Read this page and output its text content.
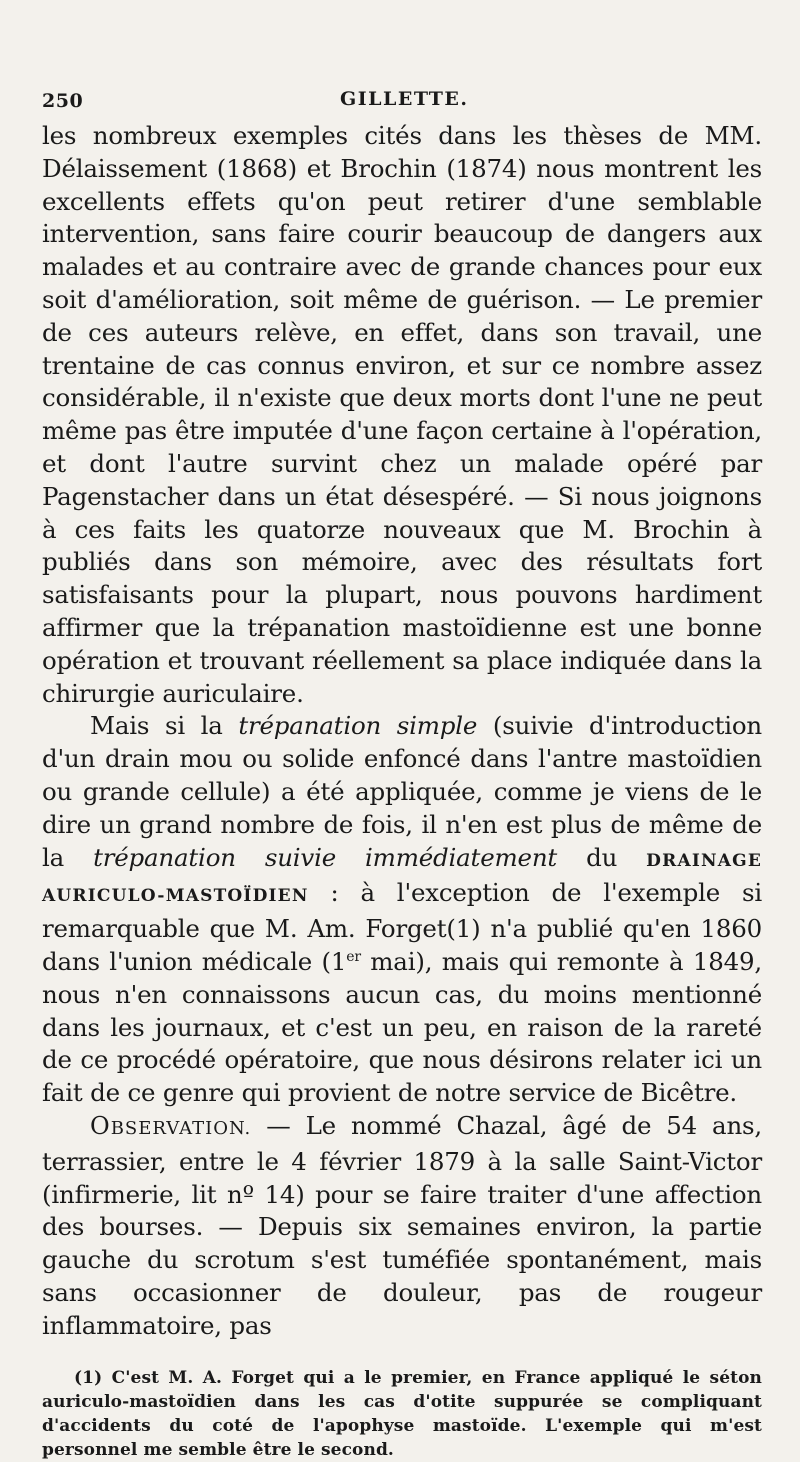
250	GILLETTE.

les nombreux exemples cités dans les thèses de MM. Délaissement (1868) et Brochin (1874) nous montrent les excellents effets qu'on peut retirer d'une semblable intervention, sans faire courir beaucoup de dangers aux malades et au contraire avec de grande chances pour eux soit d'amélioration, soit même de guérison. — Le premier de ces auteurs relève, en effet, dans son travail, une trentaine de cas connus environ, et sur ce nombre assez considérable, il n'existe que deux morts dont l'une ne peut même pas être imputée d'une façon certaine à l'opération, et dont l'autre survint chez un malade opéré par Pagenstacher dans un état désespéré. — Si nous joignons à ces faits les quatorze nouveaux que M. Brochin à publiés dans son mémoire, avec des résultats fort satisfaisants pour la plupart, nous pouvons hardiment affirmer que la trépanation mastoïdienne est une bonne opération et trouvant réellement sa place indiquée dans la chirurgie auriculaire.

Mais si la trépanation simple (suivie d'introduction d'un drain mou ou solide enfoncé dans l'antre mastoïdien ou grande cellule) a été appliquée, comme je viens de le dire un grand nombre de fois, il n'en est plus de même de la trépanation suivie immédiatement du DRAINAGE AURICULO-MASTOÏDIEN : à l'exception de l'exemple si remarquable que M. Am. Forget(1) n'a publié qu'en 1860 dans l'union médicale (1er mai), mais qui remonte à 1849, nous n'en connaissons aucun cas, du moins mentionné dans les journaux, et c'est un peu, en raison de la rareté de ce procédé opératoire, que nous désirons relater ici un fait de ce genre qui provient de notre service de Bicêtre.

OBSERVATION. — Le nommé Chazal, âgé de 54 ans, terrassier, entre le 4 février 1879 à la salle Saint-Victor (infirmerie, lit nº 14) pour se faire traiter d'une affection des bourses. — Depuis six semaines environ, la partie gauche du scrotum s'est tuméfiée spontanément, mais sans occasionner de douleur, pas de rougeur inflammatoire, pas

(1) C'est M. A. Forget qui a le premier, en France appliqué le séton auriculo-mastoïdien dans les cas d'otite suppurée se compliquant d'accidents du coté de l'apophyse mastoïde. L'exemple qui m'est personnel me semble être le second.
